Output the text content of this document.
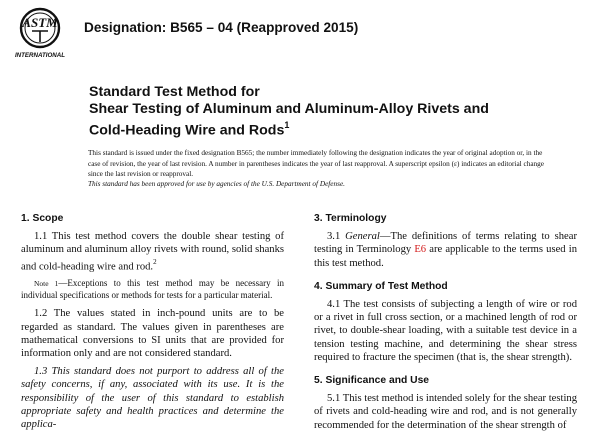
ASTM
INTERNATIONAL
Designation: B565 – 04 (Reapproved 2015)
Standard Test Method for
Shear Testing of Aluminum and Aluminum-Alloy Rivets and
Cold-Heading Wire and Rods$^1$
This standard is issued under the fixed designation B565; the number immediately following the designation indicates the year of original adoption or, in the case of revision, the year of last revision. A number in parentheses indicates the year of last reapproval. A superscript epsilon (ε) indicates an editorial change since the last revision or reapproval.
This standard has been approved for use by agencies of the U.S. Department of Defense.
1. Scope
1.1 This test method covers the double shear testing of aluminum and aluminum alloy rivets with round, solid shanks and cold-heading wire and rod.$^2$
Note 1—Exceptions to this test method may be necessary in individual specifications or methods for tests for a particular material.
1.2 The values stated in inch-pound units are to be regarded as standard. The values given in parentheses are mathematical conversions to SI units that are provided for information only and are not considered standard.
1.3 This standard does not purport to address all of the safety concerns, if any, associated with its use. It is the responsibility of the user of this standard to establish appropriate safety and health practices and determine the applica-
3. Terminology
3.1 General—The definitions of terms relating to shear testing in Terminology E6 are applicable to the terms used in this test method.
4. Summary of Test Method
4.1 The test consists of subjecting a length of wire or rod or a rivet in full cross section, or a machined length of rod or rivet, to double-shear loading, with a suitable test device in a tension testing machine, and determining the shear stress required to fracture the specimen (that is, the shear strength).
5. Significance and Use
5.1 This test method is intended solely for the shear testing of rivets and cold-heading wire and rod, and is not generally recommended for the determination of the shear strength of
